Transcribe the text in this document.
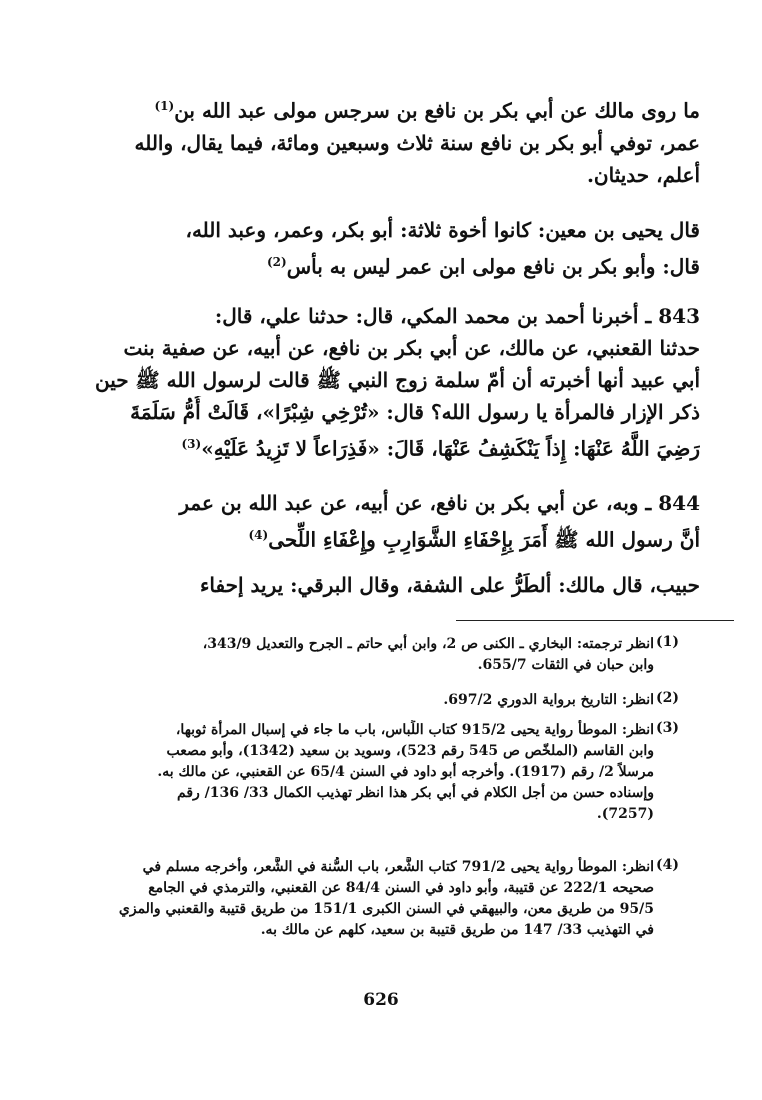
ما روى مالك عن أبي بكر بن نافع بن سرجس مولى عبد الله بن$^{(1)}$
عمر، توفي أبو بكر بن نافع سنة ثلاث وسبعين ومائة، فيما يقال، والله
أعلم، حديثان.
قال يحيى بن معين: كانوا أخوة ثلاثة: أبو بكر، وعمر، وعبد الله،
قال: وأبو بكر بن نافع مولى ابن عمر ليس به بأس$^{(2)}$
843 ـ أخبرنا أحمد بن محمد المكي، قال: حدثنا علي، قال:
حدثنا القعنبي، عن مالك، عن أبي بكر بن نافع، عن أبيه، عن صفية بنت
أبي عبيد أنها أخبرته أن أمّ سلمة زوج النبي ﷺ قالت لرسول الله ﷺ حين
ذكر الإزار فالمرأة يا رسول الله؟ قال: «تُرْخِي شِبْرًا»، قَالَتْ أُمُّ سَلَمَةَ
رَضِيَ اللَّهُ عَنْهَا: إِذاً يَنْكَشِفُ عَنْهَا، قَالَ: «فَذِرَاعاً لا تَزِيدُ عَلَيْهِ»$^{(3)}$
844 ـ وبه، عن أبي بكر بن نافع، عن أبيه، عن عبد الله بن عمر
أنَّ رسول الله ﷺ أَمَرَ بِإِحْفَاءِ الشَّوَارِبِ وإِعْفَاءِ اللِّحى$^{(4)}$
حبيب، قال مالك: ألطَرُّ على الشفة، وقال البرقي: يريد إحفاء
(1)
انظر ترجمته: البخاري ـ الكنى ص 2، وابن أبي حاتم ـ الجرح والتعديل 343/9،
وابن حبان في الثقات 655/7.
(2)
انظر: التاريخ برواية الدوري 697/2.
(3)
انظر: الموطأ رواية يحيى 915/2 كتاب اللِّباس، باب ما جاء في إسبال المرأة ثوبها،
وابن القاسم (الملخّص ص 545 رقم 523)، وسويد بن سعيد (1342)، وأبو مصعب
مرسلاً 2/ رقم (1917). وأخرجه أبو داود في السنن 65/4 عن القعنبي، عن مالك به.
وإسناده حسن من أجل الكلام في أبي بكر هذا انظر تهذيب الكمال 33/ 136/ رقم
(7257).
(4)
انظر: الموطأ رواية يحيى 791/2 كتاب الشَّعر، باب السُّنة في الشَّعر، وأخرجه مسلم في
صحيحه 222/1 عن قتيبة، وأبو داود في السنن 84/4 عن القعنبي، والترمذي في الجامع
95/5 من طريق معن، والبيهقي في السنن الكبرى 151/1 من طريق قتيبة والقعنبي والمزي
في التهذيب 33/ 147 من طريق قتيبة بن سعيد، كلهم عن مالك به.
626
